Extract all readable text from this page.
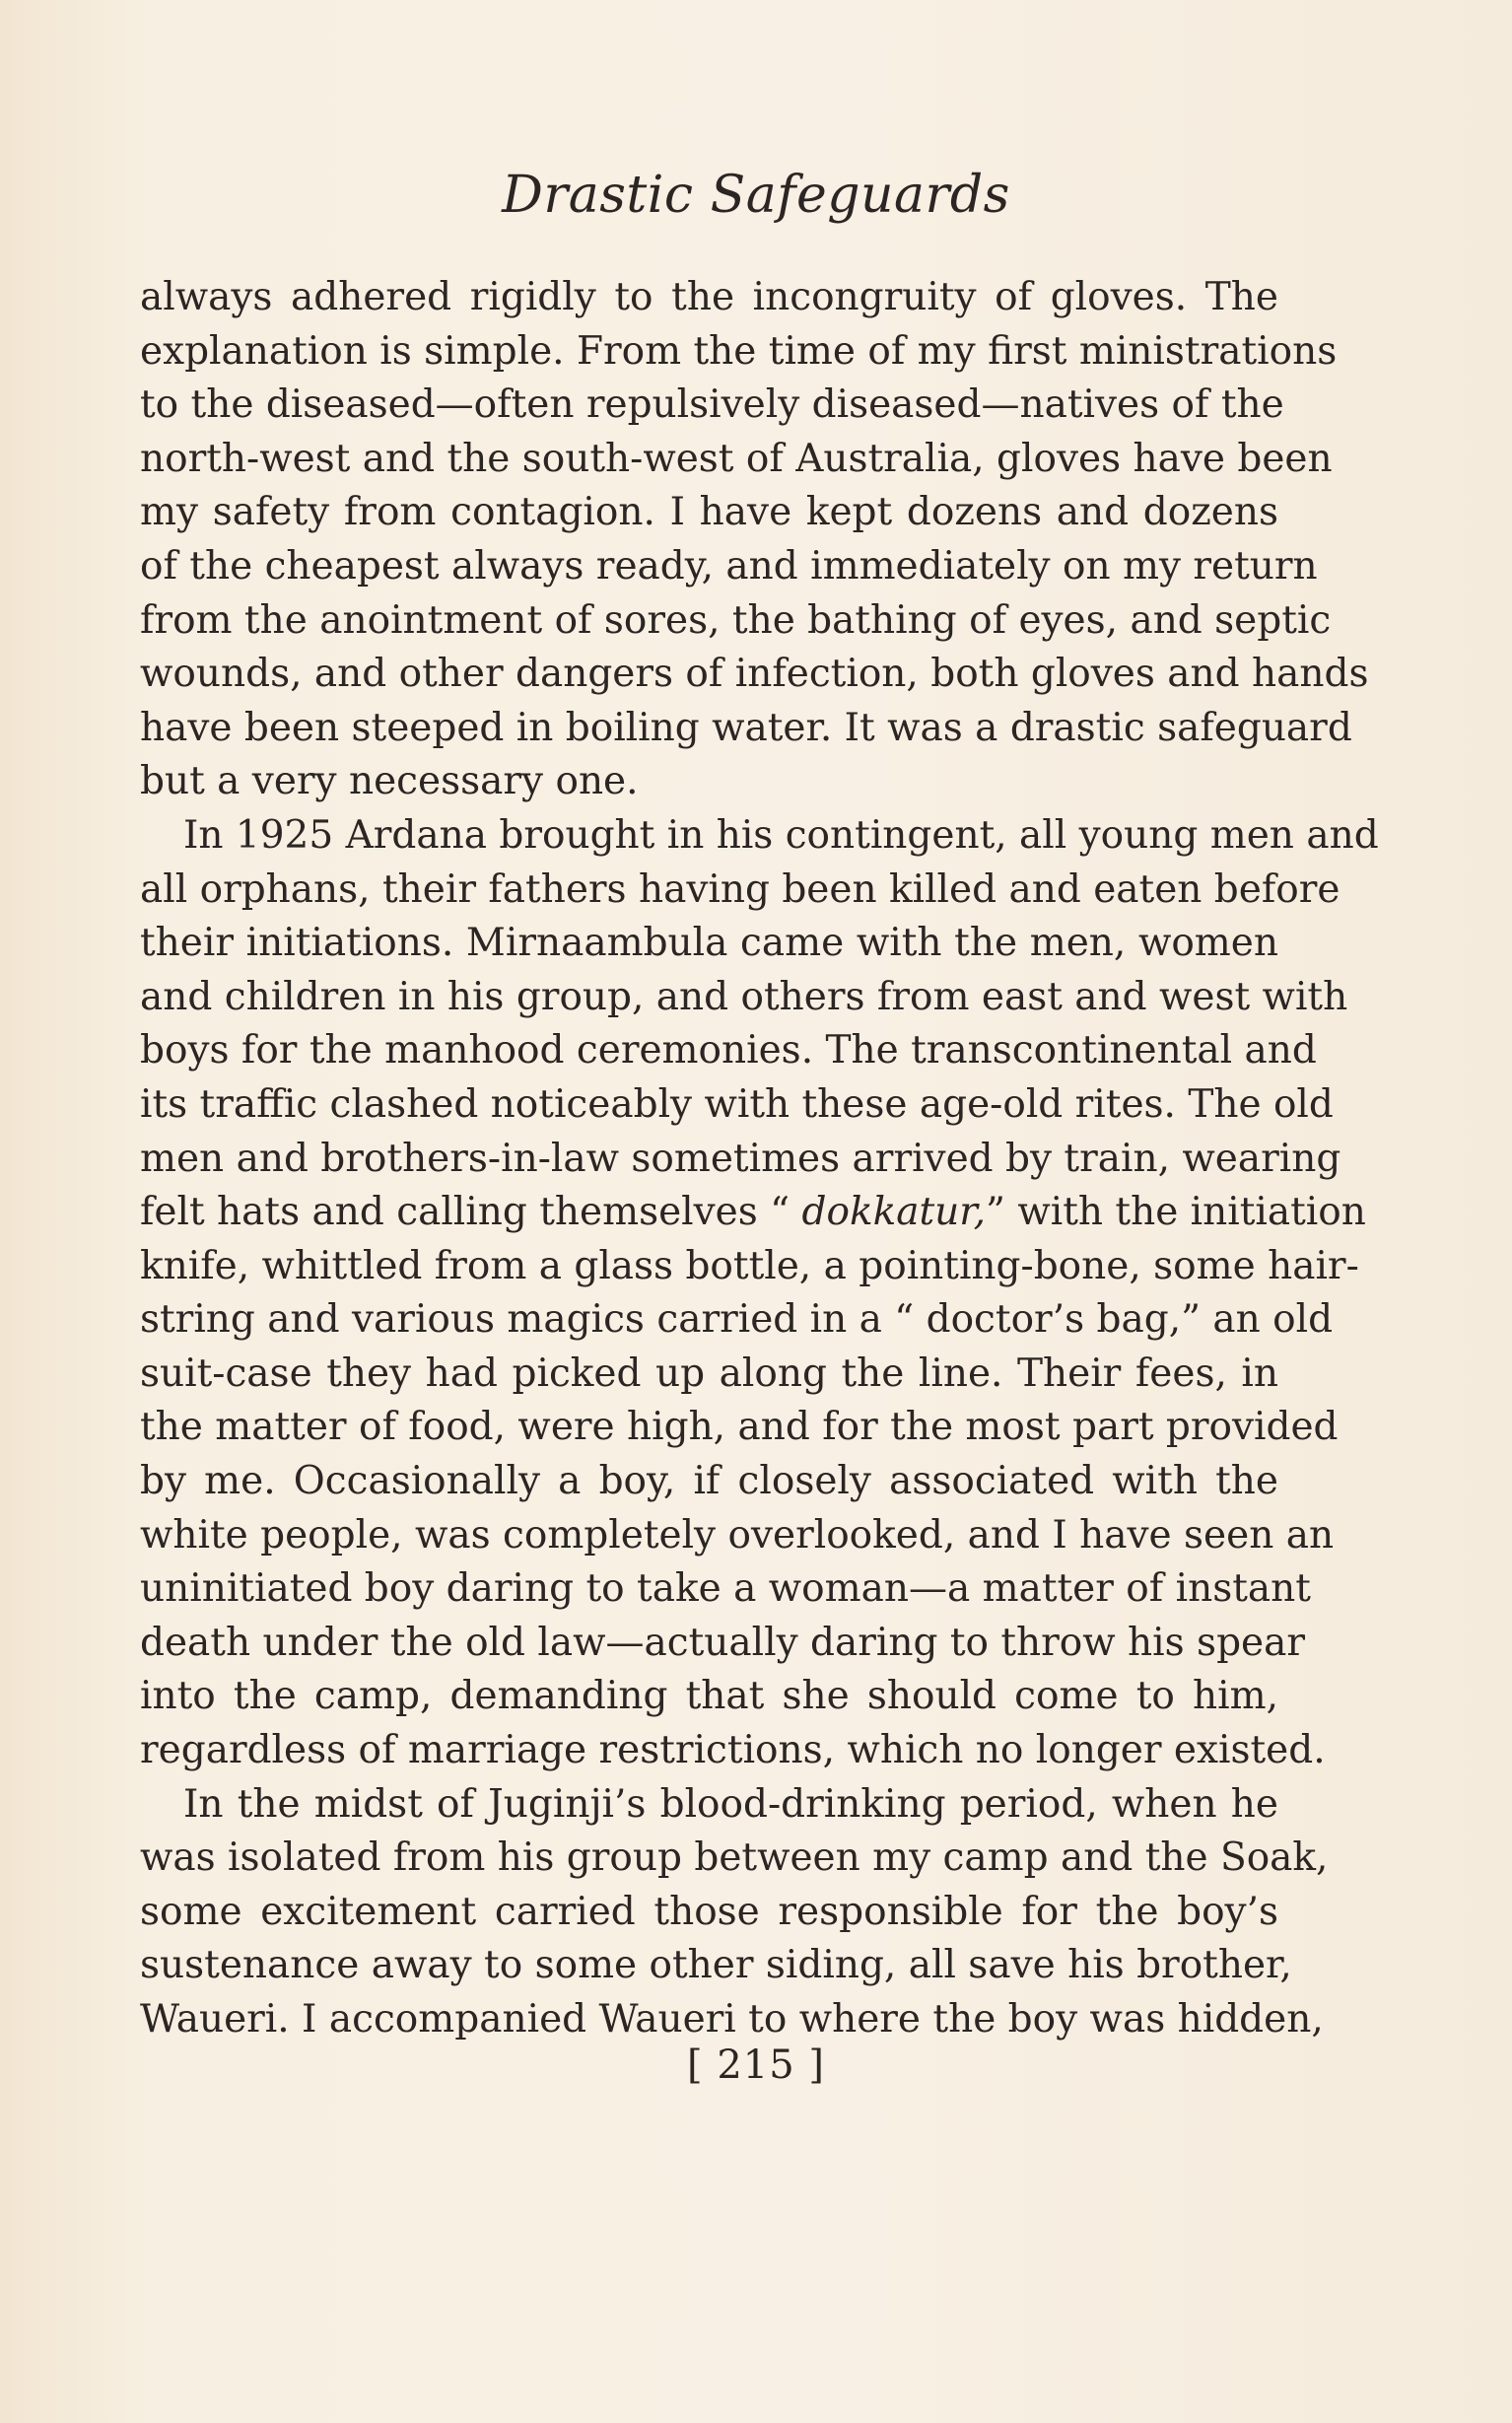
Drastic Safeguards
always adhered rigidly to the incongruity of gloves. The
explanation is simple. From the time of my first ministrations
to the diseased—often repulsively diseased—natives of the
north-west and the south-west of Australia, gloves have been
my safety from contagion. I have kept dozens and dozens
of the cheapest always ready, and immediately on my return
from the anointment of sores, the bathing of eyes, and septic
wounds, and other dangers of infection, both gloves and hands
have been steeped in boiling water. It was a drastic safeguard
but a very necessary one.
In 1925 Ardana brought in his contingent, all young men and
all orphans, their fathers having been killed and eaten before
their initiations. Mirnaambula came with the men, women
and children in his group, and others from east and west with
boys for the manhood ceremonies. The transcontinental and
its traffic clashed noticeably with these age-old rites. The old
men and brothers-in-law sometimes arrived by train, wearing
felt hats and calling themselves “ dokkatur,” with the initiation
knife, whittled from a glass bottle, a pointing-bone, some hair-
string and various magics carried in a “ doctor’s bag,” an old
suit-case they had picked up along the line. Their fees, in
the matter of food, were high, and for the most part provided
by me. Occasionally a boy, if closely associated with the
white people, was completely overlooked, and I have seen an
uninitiated boy daring to take a woman—a matter of instant
death under the old law—actually daring to throw his spear
into the camp, demanding that she should come to him,
regardless of marriage restrictions, which no longer existed.
In the midst of Juginji’s blood-drinking period, when he
was isolated from his group between my camp and the Soak,
some excitement carried those responsible for the boy’s
sustenance away to some other siding, all save his brother,
Waueri. I accompanied Waueri to where the boy was hidden,
[ 215 ]
